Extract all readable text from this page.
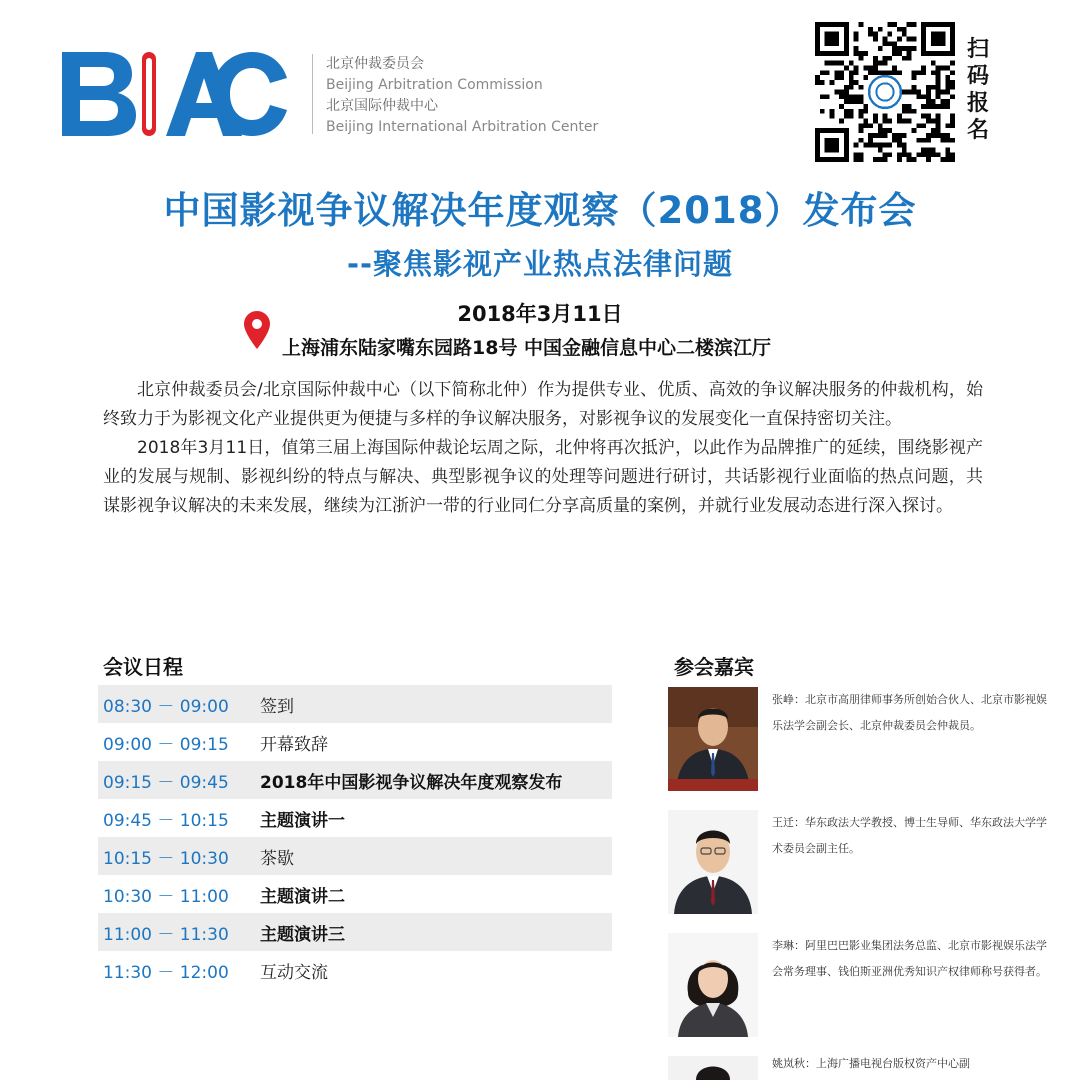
北京仲裁委员会
Beijing Arbitration Commission
北京国际仲裁中心
Beijing International Arbitration Center
扫
码
报
名
中国影视争议解决年度观察（2018）发布会
--聚焦影视产业热点法律问题
2018年3月11日
上海浦东陆家嘴东园路18号 中国金融信息中心二楼滨江厅

北京仲裁委员会/北京国际仲裁中心（以下简称北仲）作为提供专业、优质、高效的争议解决服务的仲裁机构，始终致力于为影视文化产业提供更为便捷与多样的争议解决服务，对影视争议的发展变化一直保持密切关注。

2018年3月11日，值第三届上海国际仲裁论坛周之际，北仲将再次抵沪，以此作为品牌推广的延续，围绕影视产业的发展与规制、影视纠纷的特点与解决、典型影视争议的处理等问题进行研讨，共话影视行业面临的热点问题，共谋影视争议解决的未来发展，继续为江浙沪一带的行业同仁分享高质量的案例，并就行业发展动态进行深入探讨。

会议日程
08:30 － 09:00	签到
09:00 － 09:15	开幕致辞
09:15 － 09:45	2018年中国影视争议解决年度观察发布
09:45 － 10:15	主题演讲一
10:15 － 10:30	茶歇
10:30 － 11:00	主题演讲二
11:00 － 11:30	主题演讲三
11:30 － 12:00	互动交流
参会嘉宾
张峥：北京市高朋律师事务所创始合伙人、北京市影视娱乐法学会副会长、北京仲裁委员会仲裁员。
王迁：华东政法大学教授、博士生导师、华东政法大学学术委员会副主任。
李琳：阿里巴巴影业集团法务总监、北京市影视娱乐法学会常务理事、钱伯斯亚洲优秀知识产权律师称号获得者。
姚岚秋：上海广播电视台版权资产中心副
